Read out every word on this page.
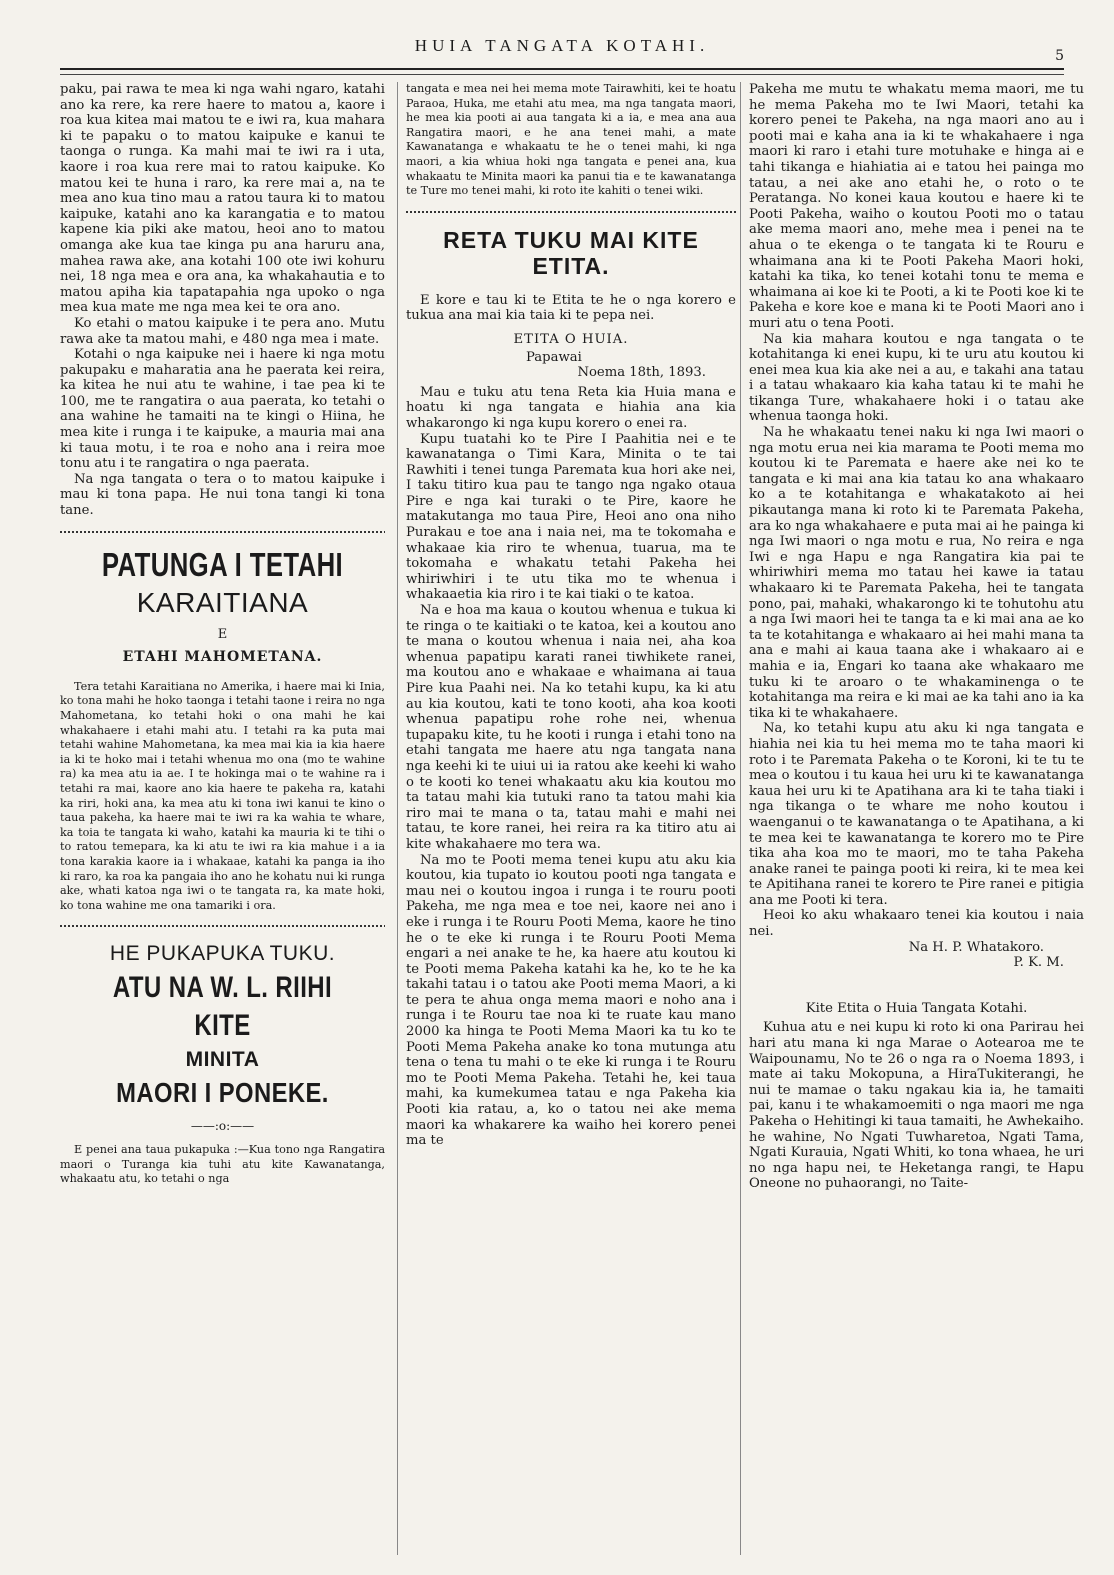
HUIA TANGATA KOTAHI.
5

paku, pai rawa te mea ki nga wahi ngaro, katahi ano ka rere, ka rere haere to matou a, kaore i roa kua kitea mai matou te e iwi ra, kua mahara ki te papaku o to matou kaipuke e kanui te taonga o runga. Ka mahi mai te iwi ra i uta, kaore i roa kua rere mai to ratou kaipuke. Ko matou kei te huna i raro, ka rere mai a, na te mea ano kua tino mau a ratou taura ki to matou kaipuke, katahi ano ka karangatia e to matou kapene kia piki ake matou, heoi ano to matou omanga ake kua tae kinga pu ana haruru ana, mahea rawa ake, ana kotahi 100 ote iwi kohuru nei, 18 nga mea e ora ana, ka whakahautia e to matou apiha kia tapatapahia nga upoko o nga mea kua mate me nga mea kei te ora ano.

Ko etahi o matou kaipuke i te pera ano. Mutu rawa ake ta matou mahi, e 480 nga mea i mate.

Kotahi o nga kaipuke nei i haere ki nga motu pakupaku e maharatia ana he paerata kei reira, ka kitea he nui atu te wahine, i tae pea ki te 100, me te rangatira o aua paerata, ko tetahi o ana wahine he tamaiti na te kingi o Hiina, he mea kite i runga i te kaipuke, a mauria mai ana ki taua motu, i te roa e noho ana i reira moe tonu atu i te rangatira o nga paerata.

Na nga tangata o tera o to matou kaipuke i mau ki tona papa. He nui tona tangi ki tona tane.

PATUNGA I TETAHI
KARAITIANA
E
ETAHI MAHOMETANA.

Tera tetahi Karaitiana no Amerika, i haere mai ki Inia, ko tona mahi he hoko taonga i tetahi taone i reira no nga Mahometana, ko tetahi hoki o ona mahi he kai whakahaere i etahi mahi atu. I tetahi ra ka puta mai tetahi wahine Mahometana, ka mea mai kia ia kia haere ia ki te hoko mai i tetahi whenua mo ona (mo te wahine ra) ka mea atu ia ae. I te hokinga mai o te wahine ra i tetahi ra mai, kaore ano kia haere te pakeha ra, katahi ka riri, hoki ana, ka mea atu ki tona iwi kanui te kino o taua pakeha, ka haere mai te iwi ra ka wahia te whare, ka toia te tangata ki waho, katahi ka mauria ki te tihi o to ratou temepara, ka ki atu te iwi ra kia mahue i a ia tona karakia kaore ia i whakaae, katahi ka panga ia iho ki raro, ka roa ka pangaia iho ano he kohatu nui ki runga ake, whati katoa nga iwi o te tangata ra, ka mate hoki, ko tona wahine me ona tamariki i ora.

HE PUKAPUKA TUKU.
ATU NA W. L. RIIHI KITE
MINITA
MAORI I PONEKE.
——:o:——

E penei ana taua pukapuka :—Kua tono nga Rangatira maori o Turanga kia tuhi atu kite Kawanatanga, whakaatu atu, ko tetahi o nga

tangata e mea nei hei mema mote Tairawhiti, kei te hoatu Paraoa, Huka, me etahi atu mea, ma nga tangata maori, he mea kia pooti ai aua tangata ki a ia, e mea ana aua Rangatira maori, e he ana tenei mahi, a mate Kawanatanga e whakaatu te he o tenei mahi, ki nga maori, a kia whiua hoki nga tangata e penei ana, kua whakaatu te Minita maori ka panui tia e te kawanatanga te Ture mo tenei mahi, ki roto ite kahiti o tenei wiki.

RETA TUKU MAI KITE ETITA.

E kore e tau ki te Etita te he o nga korero e tukua ana mai kia taia ki te pepa nei.

ETITA O HUIA.
Papawai
Noema 18th, 1893.

Mau e tuku atu tena Reta kia Huia mana e hoatu ki nga tangata e hiahia ana kia whakarongo ki nga kupu korero o enei ra.

Kupu tuatahi ko te Pire I Paahitia nei e te kawanatanga o Timi Kara, Minita o te tai Rawhiti i tenei tunga Paremata kua hori ake nei, I taku titiro kua pau te tango nga ngako otaua Pire e nga kai turaki o te Pire, kaore he matakutanga mo taua Pire, Heoi ano ona niho Purakau e toe ana i naia nei, ma te tokomaha e whakaae kia riro te whenua, tuarua, ma te tokomaha e whakatu tetahi Pakeha hei whiriwhiri i te utu tika mo te whenua i whakaaetia kia riro i te kai tiaki o te katoa.

Na e hoa ma kaua o koutou whenua e tukua ki te ringa o te kaitiaki o te katoa, kei a koutou ano te mana o koutou whenua i naia nei, aha koa whenua papatipu karati ranei tiwhikete ranei, ma koutou ano e whakaae e whaimana ai taua Pire kua Paahi nei. Na ko tetahi kupu, ka ki atu au kia koutou, kati te tono kooti, aha koa kooti whenua papatipu rohe rohe nei, whenua tupapaku kite, tu he kooti i runga i etahi tono na etahi tangata me haere atu nga tangata nana nga keehi ki te uiui ui ia ratou ake keehi ki waho o te kooti ko tenei whakaatu aku kia koutou mo ta tatau mahi kia tutuki rano ta tatou mahi kia riro mai te mana o ta, tatau mahi e mahi nei tatau, te kore ranei, hei reira ra ka titiro atu ai kite whakahaere mo tera wa.

Na mo te Pooti mema tenei kupu atu aku kia koutou, kia tupato io koutou pooti nga tangata e mau nei o koutou ingoa i runga i te rouru pooti Pakeha, me nga mea e toe nei, kaore nei ano i eke i runga i te Rouru Pooti Mema, kaore he tino he o te eke ki runga i te Rouru Pooti Mema engari a nei anake te he, ka haere atu koutou ki te Pooti mema Pakeha katahi ka he, ko te he ka takahi tatau i o tatou ake Pooti mema Maori, a ki te pera te ahua onga mema maori e noho ana i runga i te Rouru tae noa ki te ruate kau mano 2000 ka hinga te Pooti Mema Maori ka tu ko te Pooti Mema Pakeha anake ko tona mutunga atu tena o tena tu mahi o te eke ki runga i te Rouru mo te Pooti Mema Pakeha. Tetahi he, kei taua mahi, ka kumekumea tatau e nga Pakeha kia Pooti kia ratau, a, ko o tatou nei ake mema maori ka whakarere ka waiho hei korero penei ma te

Pakeha me mutu te whakatu mema maori, me tu he mema Pakeha mo te Iwi Maori, tetahi ka korero penei te Pakeha, na nga maori ano au i pooti mai e kaha ana ia ki te whakahaere i nga maori ki raro i etahi ture motuhake e hinga ai e tahi tikanga e hiahiatia ai e tatou hei painga mo tatau, a nei ake ano etahi he, o roto o te Peratanga. No konei kaua koutou e haere ki te Pooti Pakeha, waiho o koutou Pooti mo o tatau ake mema maori ano, mehe mea i penei na te ahua o te ekenga o te tangata ki te Rouru e whaimana ana ki te Pooti Pakeha Maori hoki, katahi ka tika, ko tenei kotahi tonu te mema e whaimana ai koe ki te Pooti, a ki te Pooti koe ki te Pakeha e kore koe e mana ki te Pooti Maori ano i muri atu o tena Pooti.

Na kia mahara koutou e nga tangata o te kotahitanga ki enei kupu, ki te uru atu koutou ki enei mea kua kia ake nei a au, e takahi ana tatau i a tatau whakaaro kia kaha tatau ki te mahi he tikanga Ture, whakahaere hoki i o tatau ake whenua taonga hoki.

Na he whakaatu tenei naku ki nga Iwi maori o nga motu erua nei kia marama te Pooti mema mo koutou ki te Paremata e haere ake nei ko te tangata e ki mai ana kia tatau ko ana whakaaro ko a te kotahitanga e whakatakoto ai hei pikautanga mana ki roto ki te Paremata Pakeha, ara ko nga whakahaere e puta mai ai he painga ki nga Iwi maori o nga motu e rua, No reira e nga Iwi e nga Hapu e nga Rangatira kia pai te whiriwhiri mema mo tatau hei kawe ia tatau whakaaro ki te Paremata Pakeha, hei te tangata pono, pai, mahaki, whakarongo ki te tohutohu atu a nga Iwi maori hei te tanga ta e ki mai ana ae ko ta te kotahitanga e whakaaro ai hei mahi mana ta ana e mahi ai kaua taana ake i whakaaro ai e mahia e ia, Engari ko taana ake whakaaro me tuku ki te aroaro o te whakaminenga o te kotahitanga ma reira e ki mai ae ka tahi ano ia ka tika ki te whakahaere.

Na, ko tetahi kupu atu aku ki nga tangata e hiahia nei kia tu hei mema mo te taha maori ki roto i te Paremata Pakeha o te Koroni, ki te tu te mea o koutou i tu kaua hei uru ki te kawanatanga kaua hei uru ki te Apatihana ara ki te taha tiaki i nga tikanga o te whare me noho koutou i waenganui o te kawanatanga o te Apatihana, a ki te mea kei te kawanatanga te korero mo te Pire tika aha koa mo te maori, mo te taha Pakeha anake ranei te painga pooti ki reira, ki te mea kei te Apitihana ranei te korero te Pire ranei e pitigia ana me Pooti ki tera.

Heoi ko aku whakaaro tenei kia koutou i naia nei.

Na H. P. Whatakoro.
P. K. M.
Kite Etita o Huia Tangata Kotahi.

Kuhua atu e nei kupu ki roto ki ona Parirau hei hari atu mana ki nga Marae o Aotearoa me te Waipounamu, No te 26 o nga ra o Noema 1893, i mate ai taku Mokopuna, a HiraTukiterangi, he nui te mamae o taku ngakau kia ia, he tamaiti pai, kanu i te whakamoemiti o nga maori me nga Pakeha o Hehitingi ki taua tamaiti, he Awhekaiho. he wahine, No Ngati Tuwharetoa, Ngati Tama, Ngati Kurauia, Ngati Whiti, ko tona whaea, he uri no nga hapu nei, te Heketanga rangi, te Hapu Oneone no puhaorangi, no Taite-
